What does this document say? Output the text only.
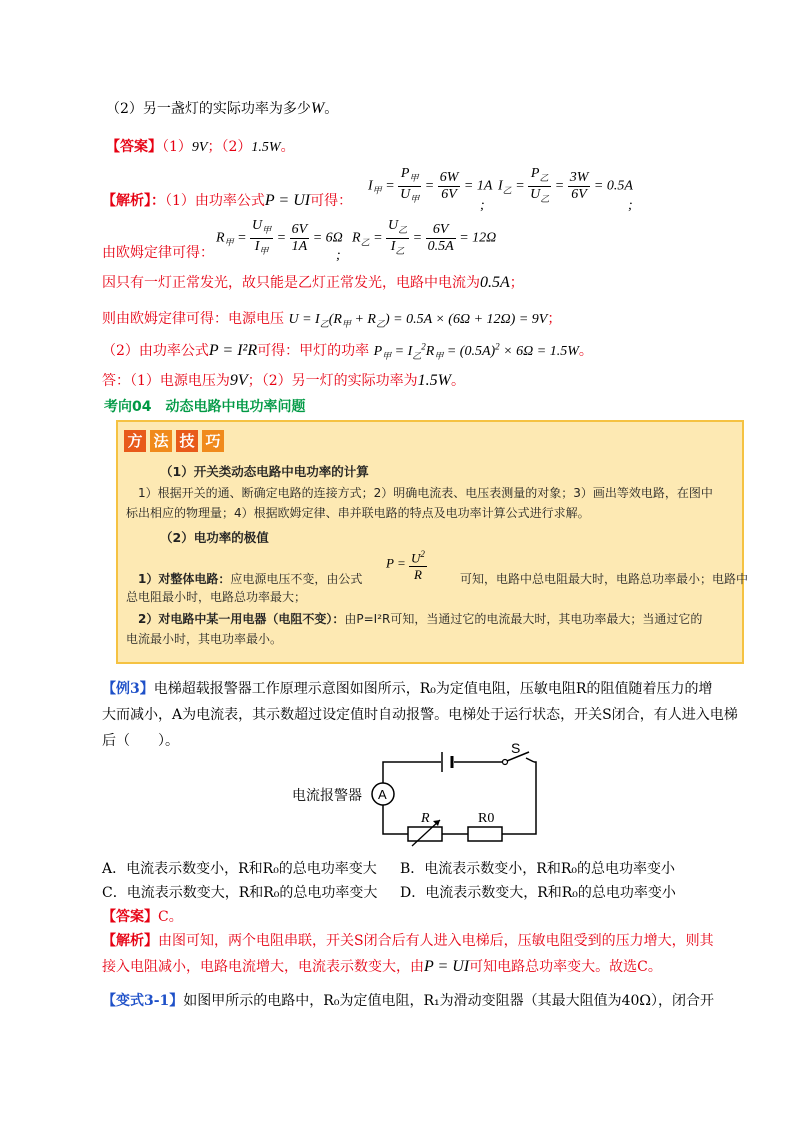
（2）另一盏灯的实际功率为多少W。
【答案】（1）9V；（2）1.5W。
【解析】：（1）由功率公式P = UI可得：
$I_甲 = \frac{P_甲}{U_甲} = \frac{6W}{6V} = 1A$
;
$I_乙 = \frac{P_乙}{U_乙} = \frac{3W}{6V} = 0.5A$
;
$R_甲 = \frac{U_甲}{I_甲} = \frac{6V}{1A} = 6\Omega$
;
$R_乙 = \frac{U_乙}{I_乙} = \frac{6V}{0.5A} = 12\Omega$
由欧姆定律可得：
因只有一灯正常发光，故只能是乙灯正常发光，电路中电流为0.5A；
则由欧姆定律可得：电源电压 $U = I_乙(R_甲 + R_乙) = 0.5A \times (6\Omega + 12\Omega) = 9V$；
（2）由功率公式P = I²R可得：甲灯的功率 $P_甲 = I_乙^2R_甲 = (0.5A)^2 \times 6\Omega = 1.5W$。
答：（1）电源电压为9V；（2）另一灯的实际功率为1.5W。
考向04　动态电路中电功率问题
方 法 技 巧
（1）开关类动态电路中电功率的计算
1）根据开关的通、断确定电路的连接方式；2）明确电流表、电压表测量的对象；3）画出等效电路，在图中
标出相应的物理量；4）根据欧姆定律、串并联电路的特点及电功率计算公式进行求解。
（2）电功率的极值
1）对整体电路：应电源电压不变，由公式
$P = \frac{U^2}{R}$	可知，电路中总电阻最大时，电路总功率最小；电路中
总电阻最小时，电路总功率最大；
2）对电路中某一用电器（电阻不变）：由P=I²R可知，当通过它的电流最大时，其电功率最大；当通过它的
电流最小时，其电功率最小。
【例3】电梯超载报警器工作原理示意图如图所示，R₀为定值电阻，压敏电阻R的阻值随着压力的增
大而减小，A为电流表，其示数超过设定值时自动报警。电梯处于运行状态，开关S闭合，有人进入电梯
后（　　）。	S
A
电流报警器
R	R0
A．电流表示数变小，R和R₀的总电功率变大 B．电流表示数变小，R和R₀的总电功率变小
C．电流表示数变大，R和R₀的总电功率变大 D．电流表示数变大，R和R₀的总电功率变小
【答案】C。
【解析】由图可知，两个电阻串联，开关S闭合后有人进入电梯后，压敏电阻受到的压力增大，则其
接入电阻减小，电路电流增大，电流表示数变大，由P = UI可知电路总功率变大。故选C。
【变式3-1】如图甲所示的电路中，R₀为定值电阻，R₁为滑动变阻器（其最大阻值为40Ω），闭合开
